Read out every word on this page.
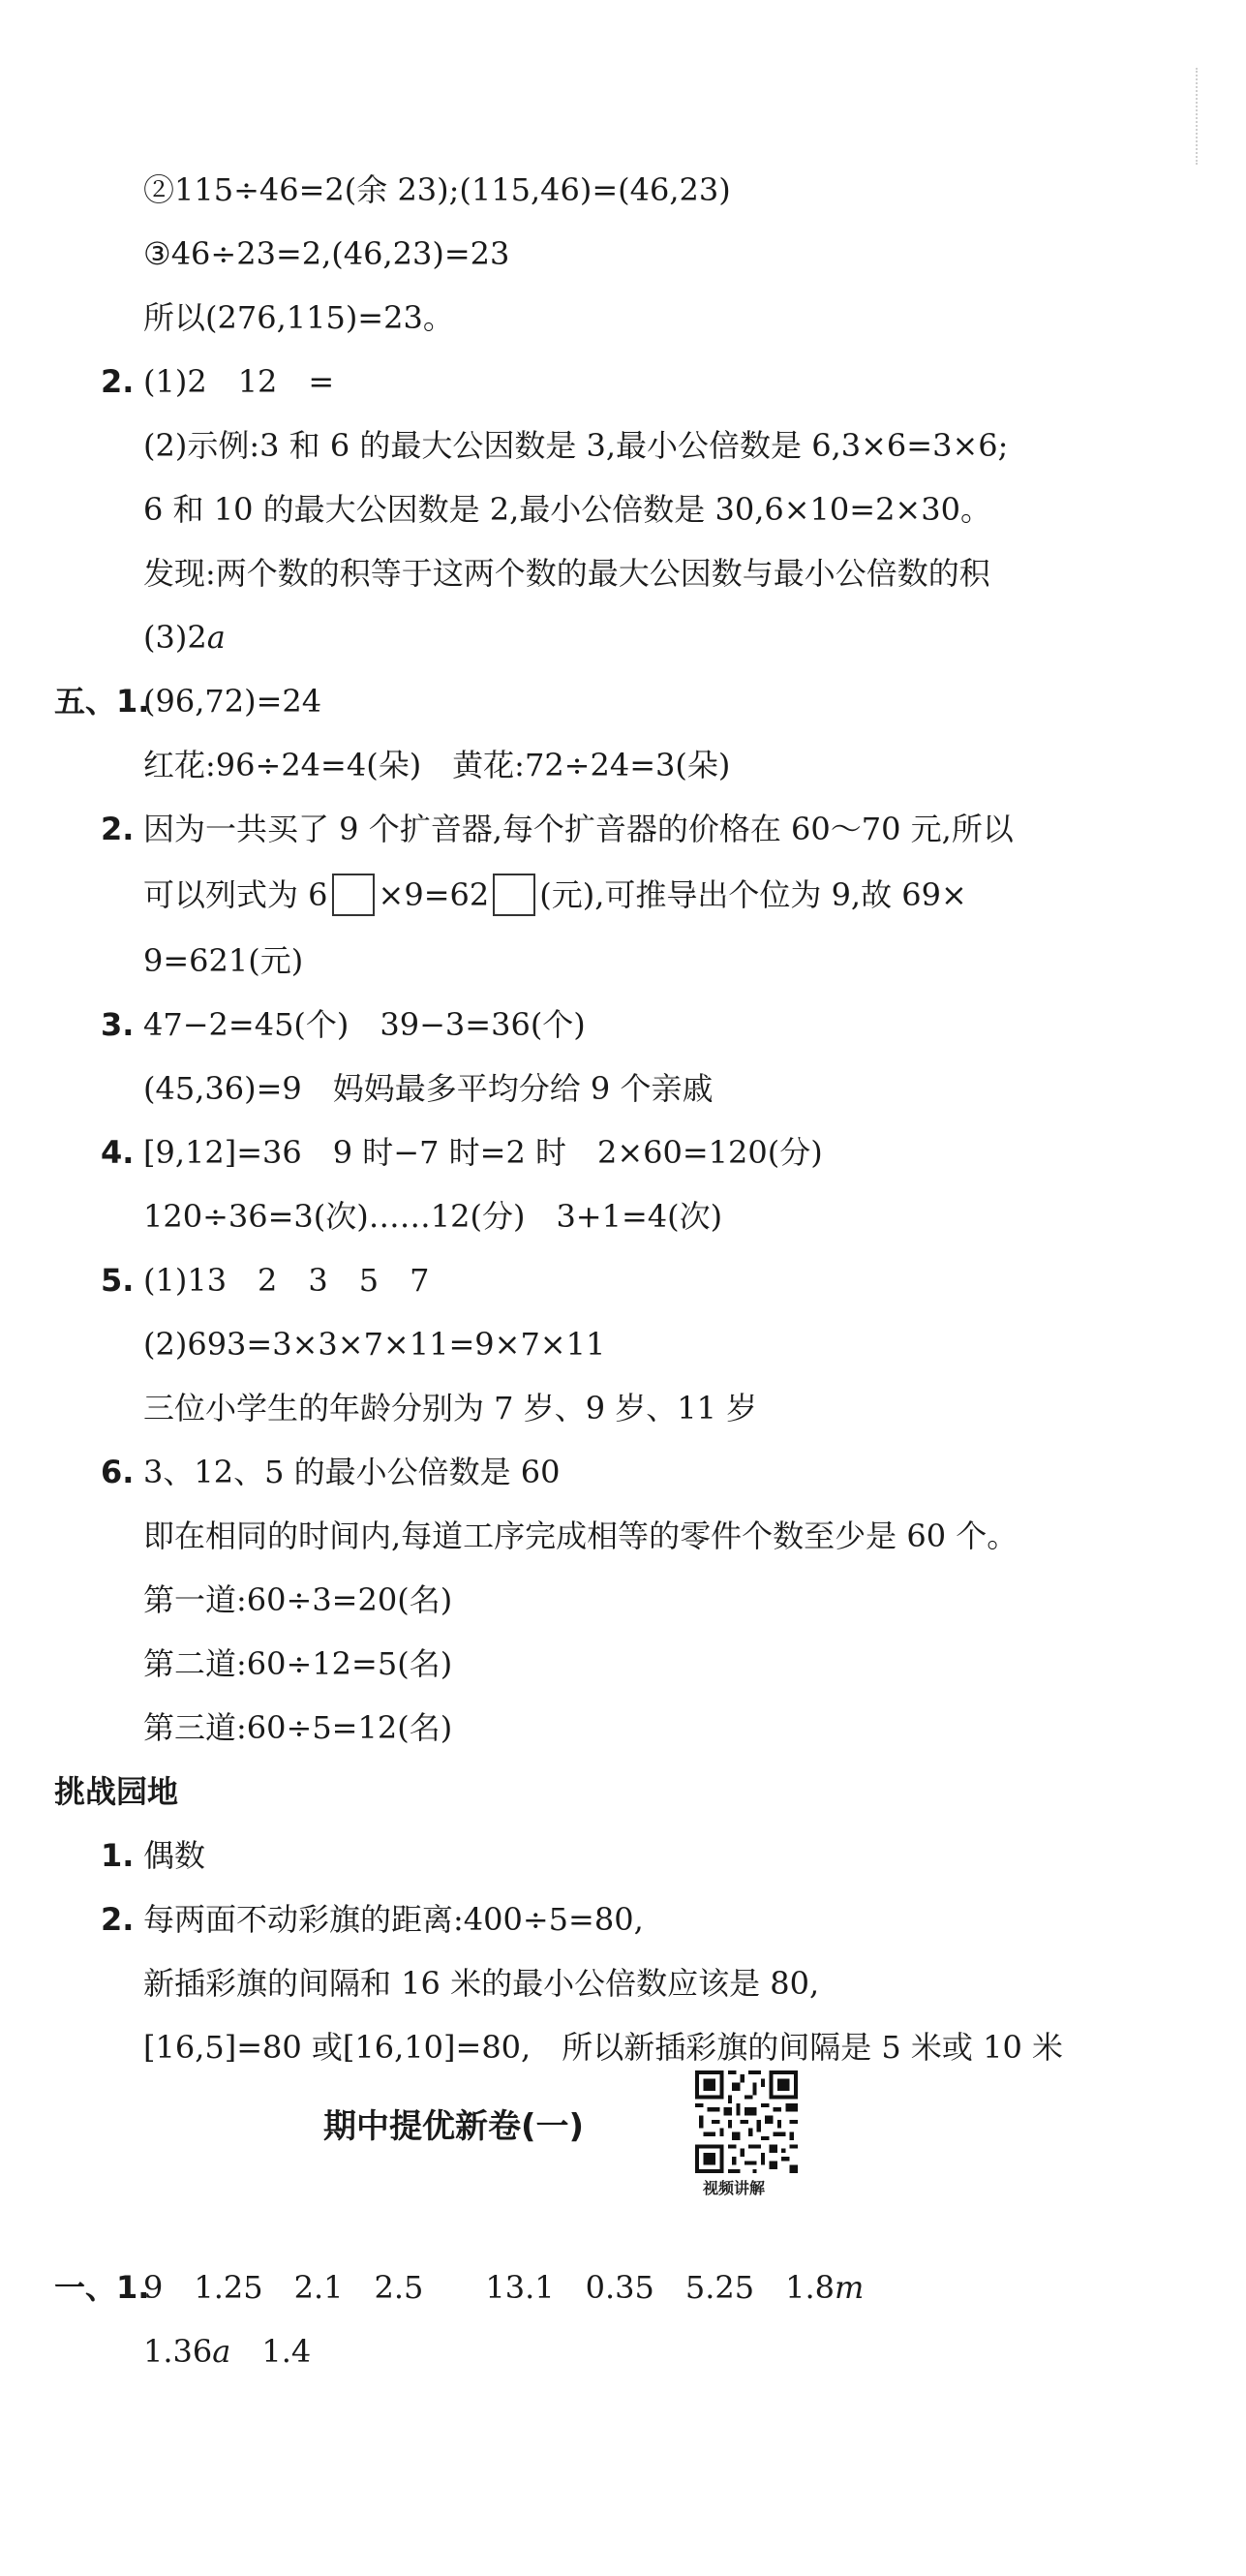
②115÷46=2(余 23);(115,46)=(46,23)
③46÷23=2,(46,23)=23
所以(276,115)=23。
2. (1)2　12　=
(2)示例:3 和 6 的最大公因数是 3,最小公倍数是 6,3×6=3×6;
6 和 10 的最大公因数是 2,最小公倍数是 30,6×10=2×30。
发现:两个数的积等于这两个数的最大公因数与最小公倍数的积
(3)2a
五、1.
(96,72)=24
红花:96÷24=4(朵)　黄花:72÷24=3(朵)
2. 因为一共买了 9 个扩音器,每个扩音器的价格在 60～70 元,所以
可以列式为 6 ×9=62 (元),可推导出个位为 9,故 69×
9=621(元)
3. 47−2=45(个)　39−3=36(个)
(45,36)=9　妈妈最多平均分给 9 个亲戚
4. [9,12]=36　9 时−7 时=2 时　2×60=120(分)
120÷36=3(次)……12(分)　3+1=4(次)
5. (1)13　2　3　5　7
(2)693=3×3×7×11=9×7×11
三位小学生的年龄分别为 7 岁、9 岁、11 岁
6. 3、12、5 的最小公倍数是 60
即在相同的时间内,每道工序完成相等的零件个数至少是 60 个。
第一道:60÷3=20(名)
第二道:60÷12=5(名)
第三道:60÷5=12(名)
挑战园地
1. 偶数
2. 每两面不动彩旗的距离:400÷5=80,
新插彩旗的间隔和 16 米的最小公倍数应该是 80,
[16,5]=80 或[16,10]=80,　所以新插彩旗的间隔是 5 米或 10 米
期中提优新卷(一)
视频讲解
一、1.
9　1.25　2.1　2.5　　13.1　0.35　5.25　1.8m
1.36a　1.4
